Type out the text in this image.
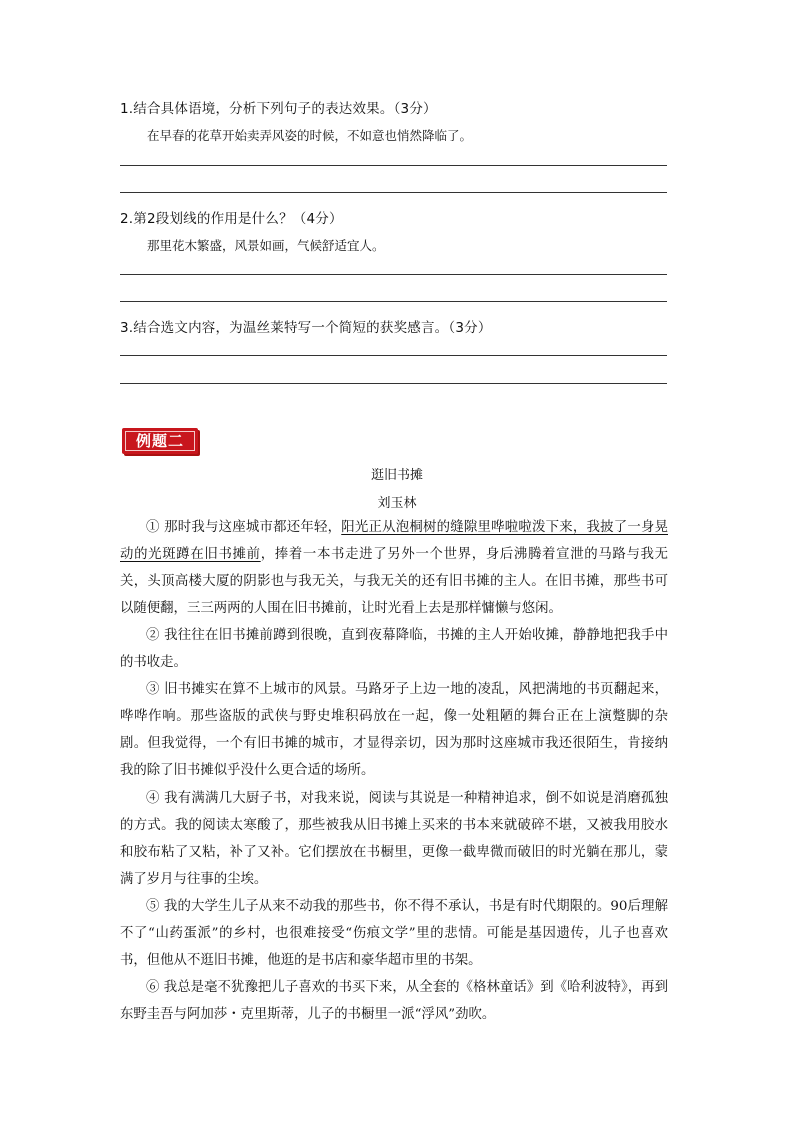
1.结合具体语境，分析下列句子的表达效果。（3分）
在早春的花草开始卖弄风姿的时候，不如意也悄然降临了。
2.第2段划线的作用是什么？（4分）
那里花木繁盛，风景如画，气候舒适宜人。
3.结合选文内容，为温丝莱特写一个简短的获奖感言。（3分）
例题二
逛旧书摊
刘玉林

① 那时我与这座城市都还年轻，阳光正从泡桐树的缝隙里哗啦啦泼下来，我披了一身晃动的光斑蹲在旧书摊前，捧着一本书走进了另外一个世界，身后沸腾着宣泄的马路与我无关，头顶高楼大厦的阴影也与我无关，与我无关的还有旧书摊的主人。在旧书摊，那些书可以随便翻，三三两两的人围在旧书摊前，让时光看上去是那样慵懒与悠闲。

② 我往往在旧书摊前蹲到很晚，直到夜幕降临，书摊的主人开始收摊，静静地把我手中的书收走。

③ 旧书摊实在算不上城市的风景。马路牙子上边一地的凌乱，风把满地的书页翻起来，哗哗作响。那些盗版的武侠与野史堆积码放在一起，像一处粗陋的舞台正在上演蹩脚的杂剧。但我觉得，一个有旧书摊的城市，才显得亲切，因为那时这座城市我还很陌生，肯接纳我的除了旧书摊似乎没什么更合适的场所。

④ 我有满满几大厨子书，对我来说，阅读与其说是一种精神追求，倒不如说是消磨孤独的方式。我的阅读太寒酸了，那些被我从旧书摊上买来的书本来就破碎不堪，又被我用胶水和胶布粘了又粘，补了又补。它们摆放在书橱里，更像一截卑微而破旧的时光躺在那儿，蒙满了岁月与往事的尘埃。

⑤ 我的大学生儿子从来不动我的那些书，你不得不承认，书是有时代期限的。90后理解不了“山药蛋派”的乡村，也很难接受“伤痕文学”里的悲情。可能是基因遗传，儿子也喜欢书，但他从不逛旧书摊，他逛的是书店和豪华超市里的书架。

⑥ 我总是毫不犹豫把儿子喜欢的书买下来，从全套的《格林童话》到《哈利波特》，再到东野圭吾与阿加莎・克里斯蒂，儿子的书橱里一派“浮风”劲吹。
